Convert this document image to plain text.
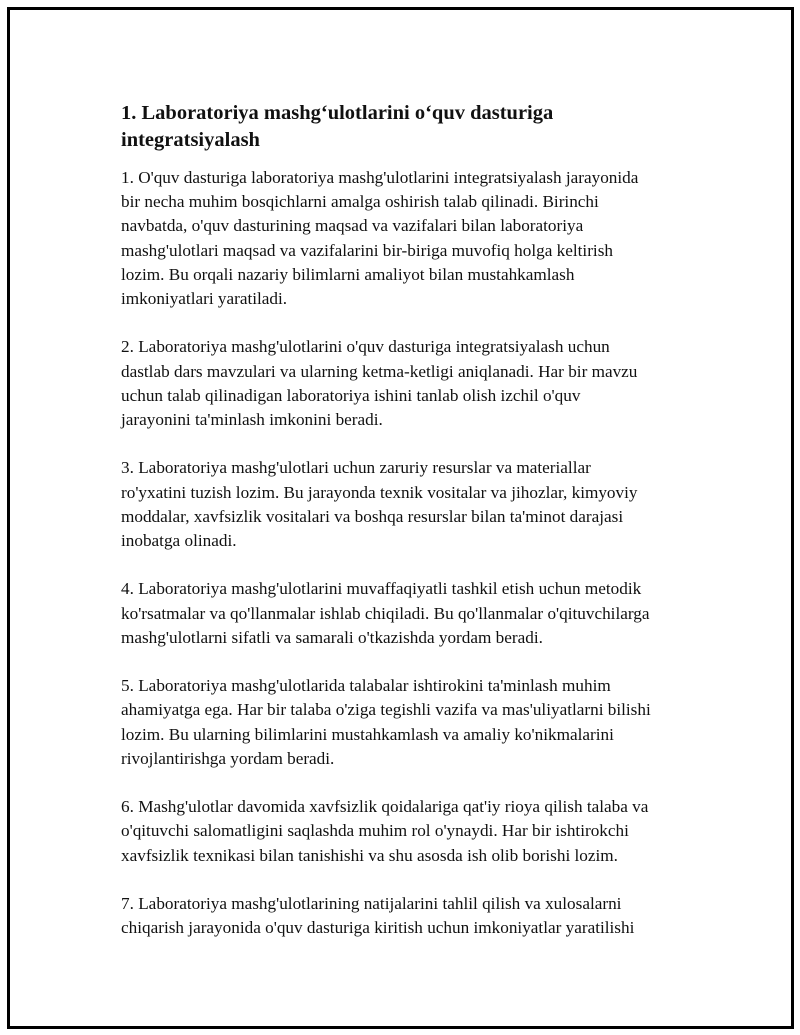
1. Laboratoriya mashg‘ulotlarini o‘quv dasturiga
integratsiyalash

1. O'quv dasturiga laboratoriya mashg'ulotlarini integratsiyalash jarayonida
bir necha muhim bosqichlarni amalga oshirish talab qilinadi. Birinchi
navbatda, o'quv dasturining maqsad va vazifalari bilan laboratoriya
mashg'ulotlari maqsad va vazifalarini bir-biriga muvofiq holga keltirish
lozim. Bu orqali nazariy bilimlarni amaliyot bilan mustahkamlash
imkoniyatlari yaratiladi.

2. Laboratoriya mashg'ulotlarini o'quv dasturiga integratsiyalash uchun
dastlab dars mavzulari va ularning ketma-ketligi aniqlanadi. Har bir mavzu
uchun talab qilinadigan laboratoriya ishini tanlab olish izchil o'quv
jarayonini ta'minlash imkonini beradi.

3. Laboratoriya mashg'ulotlari uchun zaruriy resurslar va materiallar
ro'yxatini tuzish lozim. Bu jarayonda texnik vositalar va jihozlar, kimyoviy
moddalar, xavfsizlik vositalari va boshqa resurslar bilan ta'minot darajasi
inobatga olinadi.

4. Laboratoriya mashg'ulotlarini muvaffaqiyatli tashkil etish uchun metodik
ko'rsatmalar va qo'llanmalar ishlab chiqiladi. Bu qo'llanmalar o'qituvchilarga
mashg'ulotlarni sifatli va samarali o'tkazishda yordam beradi.

5. Laboratoriya mashg'ulotlarida talabalar ishtirokini ta'minlash muhim
ahamiyatga ega. Har bir talaba o'ziga tegishli vazifa va mas'uliyatlarni bilishi
lozim. Bu ularning bilimlarini mustahkamlash va amaliy ko'nikmalarini
rivojlantirishga yordam beradi.

6. Mashg'ulotlar davomida xavfsizlik qoidalariga qat'iy rioya qilish talaba va
o'qituvchi salomatligini saqlashda muhim rol o'ynaydi. Har bir ishtirokchi
xavfsizlik texnikasi bilan tanishishi va shu asosda ish olib borishi lozim.

7. Laboratoriya mashg'ulotlarining natijalarini tahlil qilish va xulosalarni
chiqarish jarayonida o'quv dasturiga kiritish uchun imkoniyatlar yaratilishi
